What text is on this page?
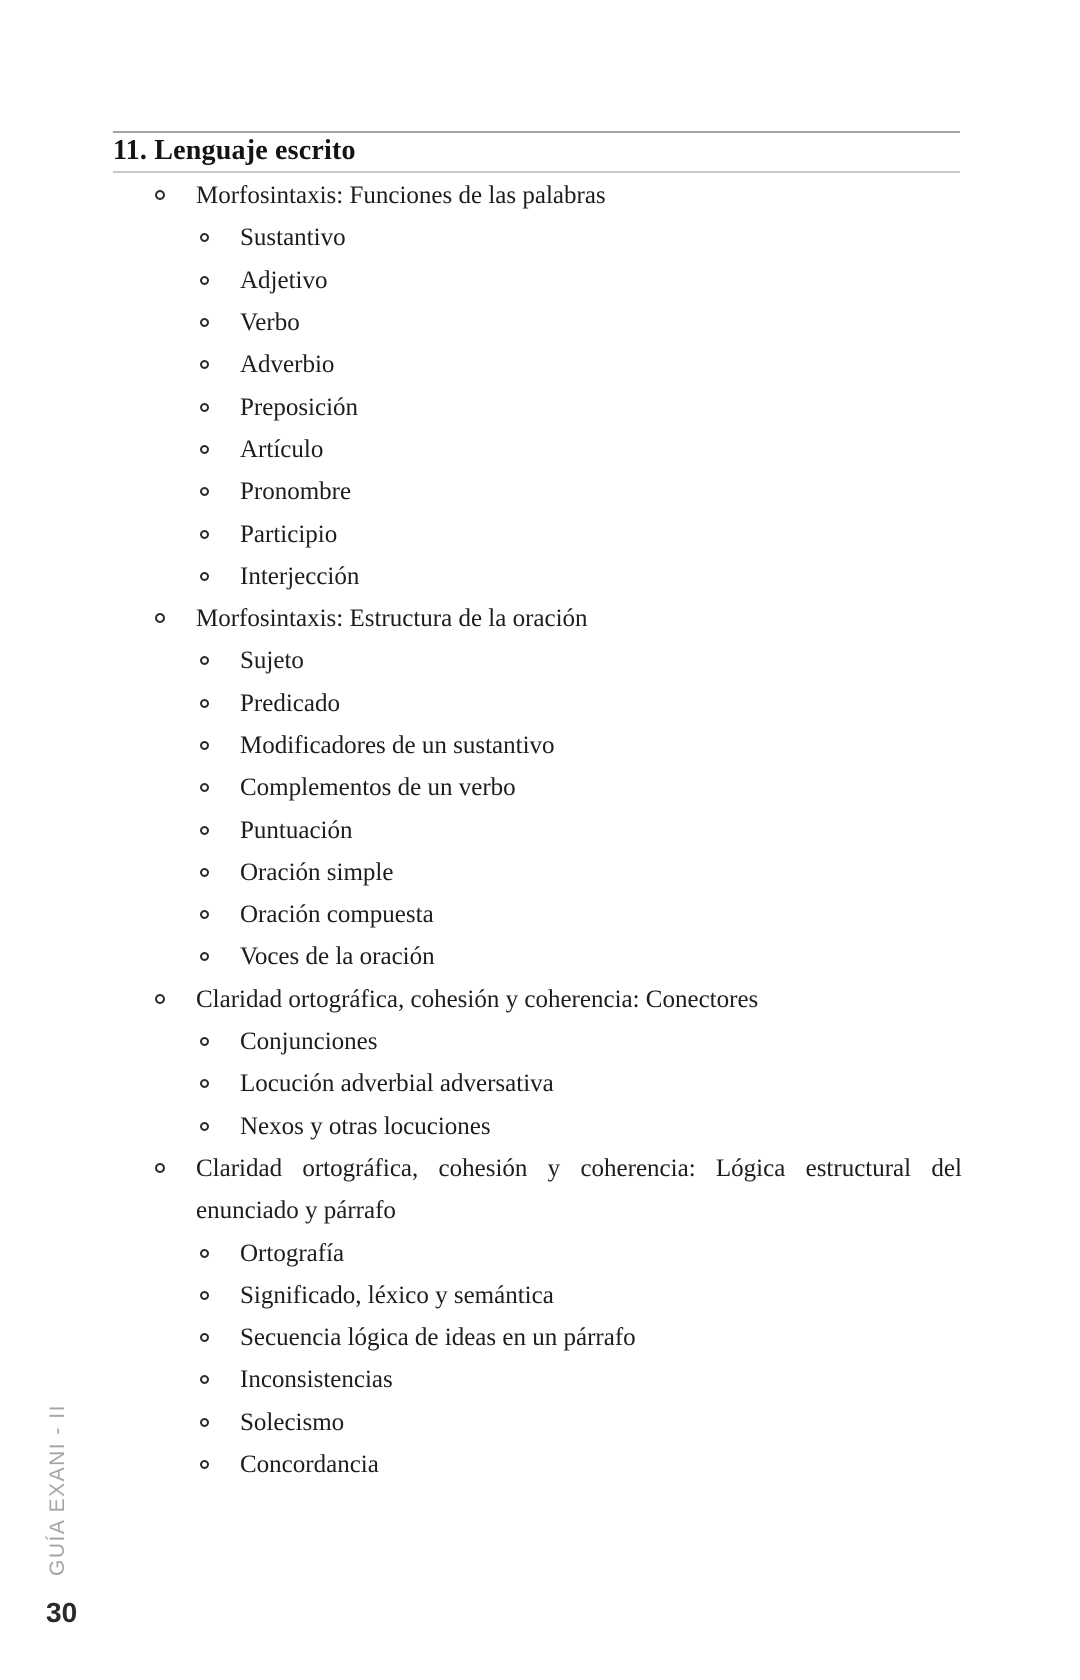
11. Lenguaje escrito
Morfosintaxis: Funciones de las palabras
Sustantivo
Adjetivo
Verbo
Adverbio
Preposición
Artículo
Pronombre
Participio
Interjección
Morfosintaxis: Estructura de la oración
Sujeto
Predicado
Modificadores de un sustantivo
Complementos de un verbo
Puntuación
Oración simple
Oración compuesta
Voces de la oración
Claridad ortográfica, cohesión y coherencia: Conectores
Conjunciones
Locución adverbial adversativa
Nexos y otras locuciones
Claridad ortográfica, cohesión y coherencia: Lógica estructural del
enunciado y párrafo
Ortografía
Significado, léxico y semántica
Secuencia lógica de ideas en un párrafo
Inconsistencias
Solecismo
Concordancia
GUÍA EXANI - II
30
